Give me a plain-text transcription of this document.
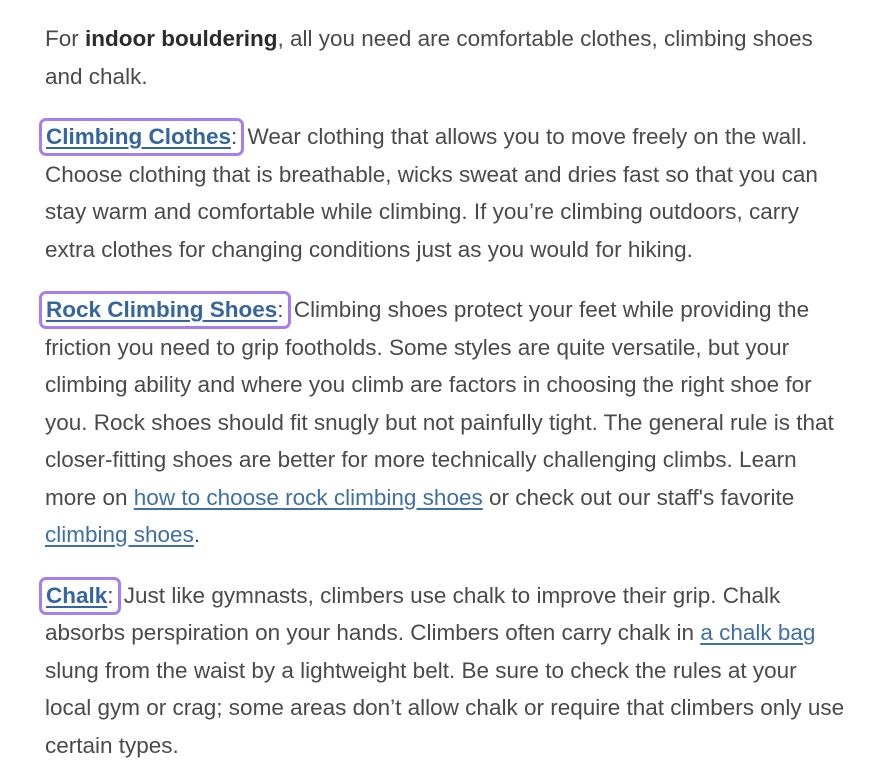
For indoor bouldering, all you need are comfortable clothes, climbing shoes and chalk.

Climbing Clothes: Wear clothing that allows you to move freely on the wall. Choose clothing that is breathable, wicks sweat and dries fast so that you can stay warm and comfortable while climbing. If you’re climbing outdoors, carry extra clothes for changing conditions just as you would for hiking.

Rock Climbing Shoes: Climbing shoes protect your feet while providing the friction you need to grip footholds. Some styles are quite versatile, but your climbing ability and where you climb are factors in choosing the right shoe for you. Rock shoes should fit snugly but not painfully tight. The general rule is that closer-fitting shoes are better for more technically challenging climbs. Learn more on how to choose rock climbing shoes or check out our staff's favorite climbing shoes.

Chalk: Just like gymnasts, climbers use chalk to improve their grip. Chalk absorbs perspiration on your hands. Climbers often carry chalk in a chalk bag slung from the waist by a lightweight belt. Be sure to check the rules at your local gym or crag; some areas don’t allow chalk or require that climbers only use certain types.
